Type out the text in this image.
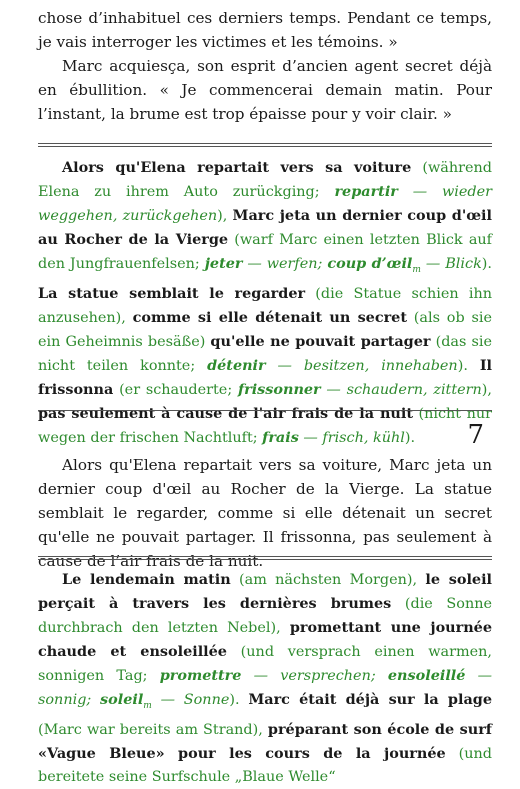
chose d’inhabituel ces derniers temps. Pendant ce temps, je vais interroger les victimes et les témoins. »

Marc acquiesça, son esprit d’ancien agent secret déjà en ébullition. « Je commencerai demain matin. Pour l’instant, la brume est trop épaisse pour y voir clair. »

Alors qu'Elena repartait vers sa voiture (während Elena zu ihrem Auto zurückging; repartir — wieder weggehen, zurückgehen), Marc jeta un dernier coup d'œil au Rocher de la Vierge (warf Marc einen letzten Blick auf den Jungfrauenfelsen; jeter — werfen; coup d’œil$_m$ — Blick). La statue semblait le regarder (die Statue schien ihn anzusehen), comme si elle détenait un secret (als ob sie ein Geheimnis besäße) qu'elle ne pouvait partager (das sie nicht teilen konnte; détenir — besitzen, innehaben). Il frissonna (er schauderte; frissonner — schaudern, zittern), pas seulement à cause de l'air frais de la nuit (nicht nur wegen der frischen Nachtluft; frais — frisch, kühl).	7

Alors qu'Elena repartait vers sa voiture, Marc jeta un dernier coup d'œil au Rocher de la Vierge. La statue semblait le regarder, comme si elle détenait un secret qu'elle ne pouvait partager. Il frissonna, pas seulement à cause de l’air frais de la nuit.

Le lendemain matin (am nächsten Morgen), le soleil perçait à travers les dernières brumes (die Sonne durchbrach den letzten Nebel), promettant une journée chaude et ensoleillée (und versprach einen warmen, sonnigen Tag; promettre — versprechen; ensoleillé — sonnig; soleil$_m$ — Sonne). Marc était déjà sur la plage (Marc war bereits am Strand), préparant son école de surf «Vague Bleue» pour les cours de la journée (und bereitete seine Surfschule „Blaue Welle“
